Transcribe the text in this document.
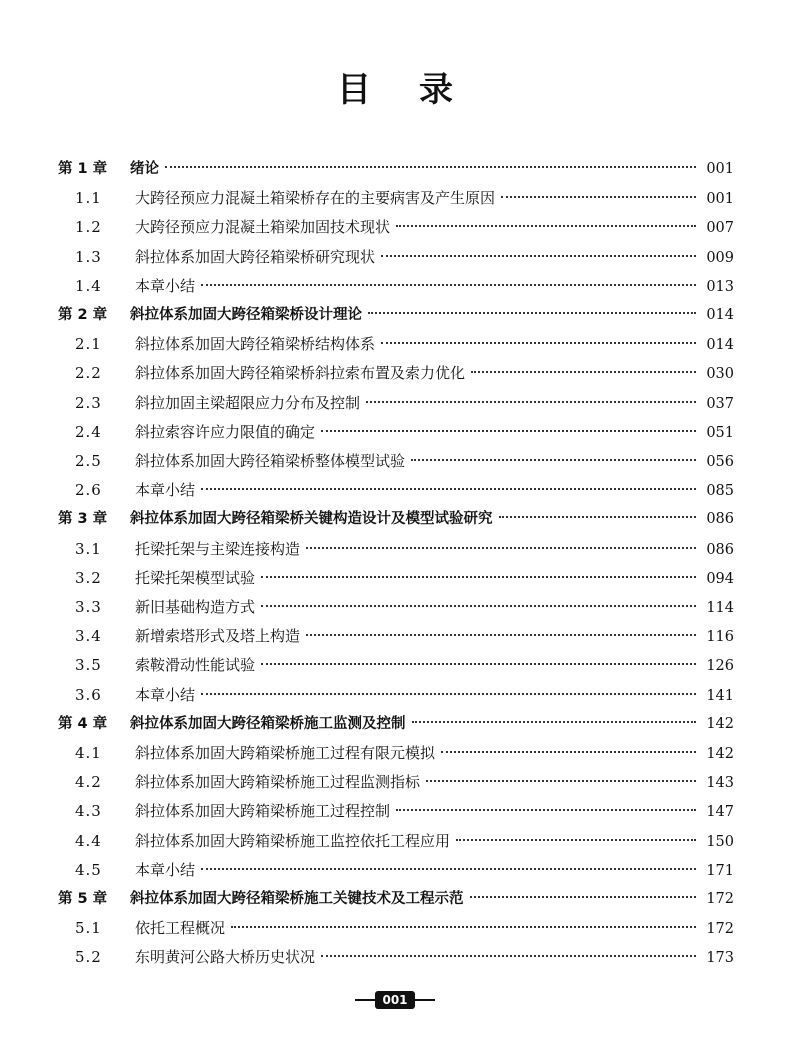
目录
第 1 章	绪论	001
1.1	大跨径预应力混凝土箱梁桥存在的主要病害及产生原因	001
1.2	大跨径预应力混凝土箱梁加固技术现状	007
1.3	斜拉体系加固大跨径箱梁桥研究现状	009
1.4	本章小结	013
第 2 章	斜拉体系加固大跨径箱梁桥设计理论	014
2.1	斜拉体系加固大跨径箱梁桥结构体系	014
2.2	斜拉体系加固大跨径箱梁桥斜拉索布置及索力优化	030
2.3	斜拉加固主梁超限应力分布及控制	037
2.4	斜拉索容许应力限值的确定	051
2.5	斜拉体系加固大跨径箱梁桥整体模型试验	056
2.6	本章小结	085
第 3 章	斜拉体系加固大跨径箱梁桥关键构造设计及模型试验研究	086
3.1	托梁托架与主梁连接构造	086
3.2	托梁托架模型试验	094
3.3	新旧基础构造方式	114
3.4	新增索塔形式及塔上构造	116
3.5	索鞍滑动性能试验	126
3.6	本章小结	141
第 4 章	斜拉体系加固大跨径箱梁桥施工监测及控制	142
4.1	斜拉体系加固大跨箱梁桥施工过程有限元模拟	142
4.2	斜拉体系加固大跨箱梁桥施工过程监测指标	143
4.3	斜拉体系加固大跨箱梁桥施工过程控制	147
4.4	斜拉体系加固大跨箱梁桥施工监控依托工程应用	150
4.5	本章小结	171
第 5 章	斜拉体系加固大跨径箱梁桥施工关键技术及工程示范	172
5.1	依托工程概况	172
5.2	东明黄河公路大桥历史状况	173
001
